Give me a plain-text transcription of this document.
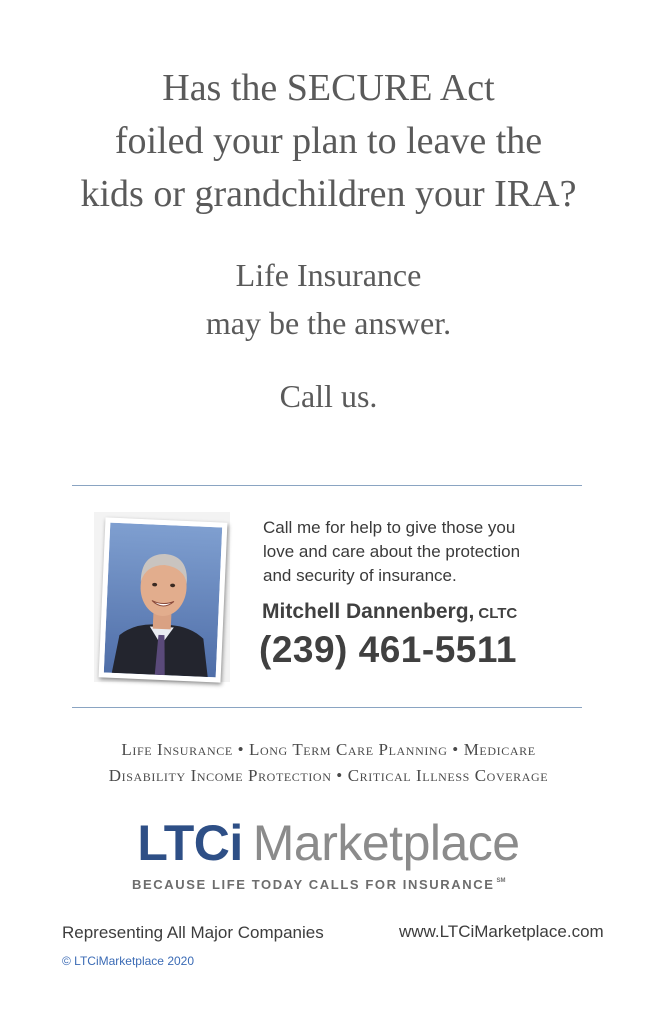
Has the SECURE Act
foiled your plan to leave the
kids or grandchildren your IRA?
Life Insurance
may be the answer.
Call us.
Call me for help to give those you
love and care about the protection
and security of insurance.
Mitchell Dannenberg, CLTC
(239) 461-5511
Life Insurance • Long Term Care Planning • Medicare
Disability Income Protection • Critical Illness Coverage
LTCi Marketplace
BECAUSE LIFE TODAY CALLS FOR INSURANCE ℠
Representing All Major Companies	www.LTCiMarketplace.com
© LTCiMarketplace 2020
